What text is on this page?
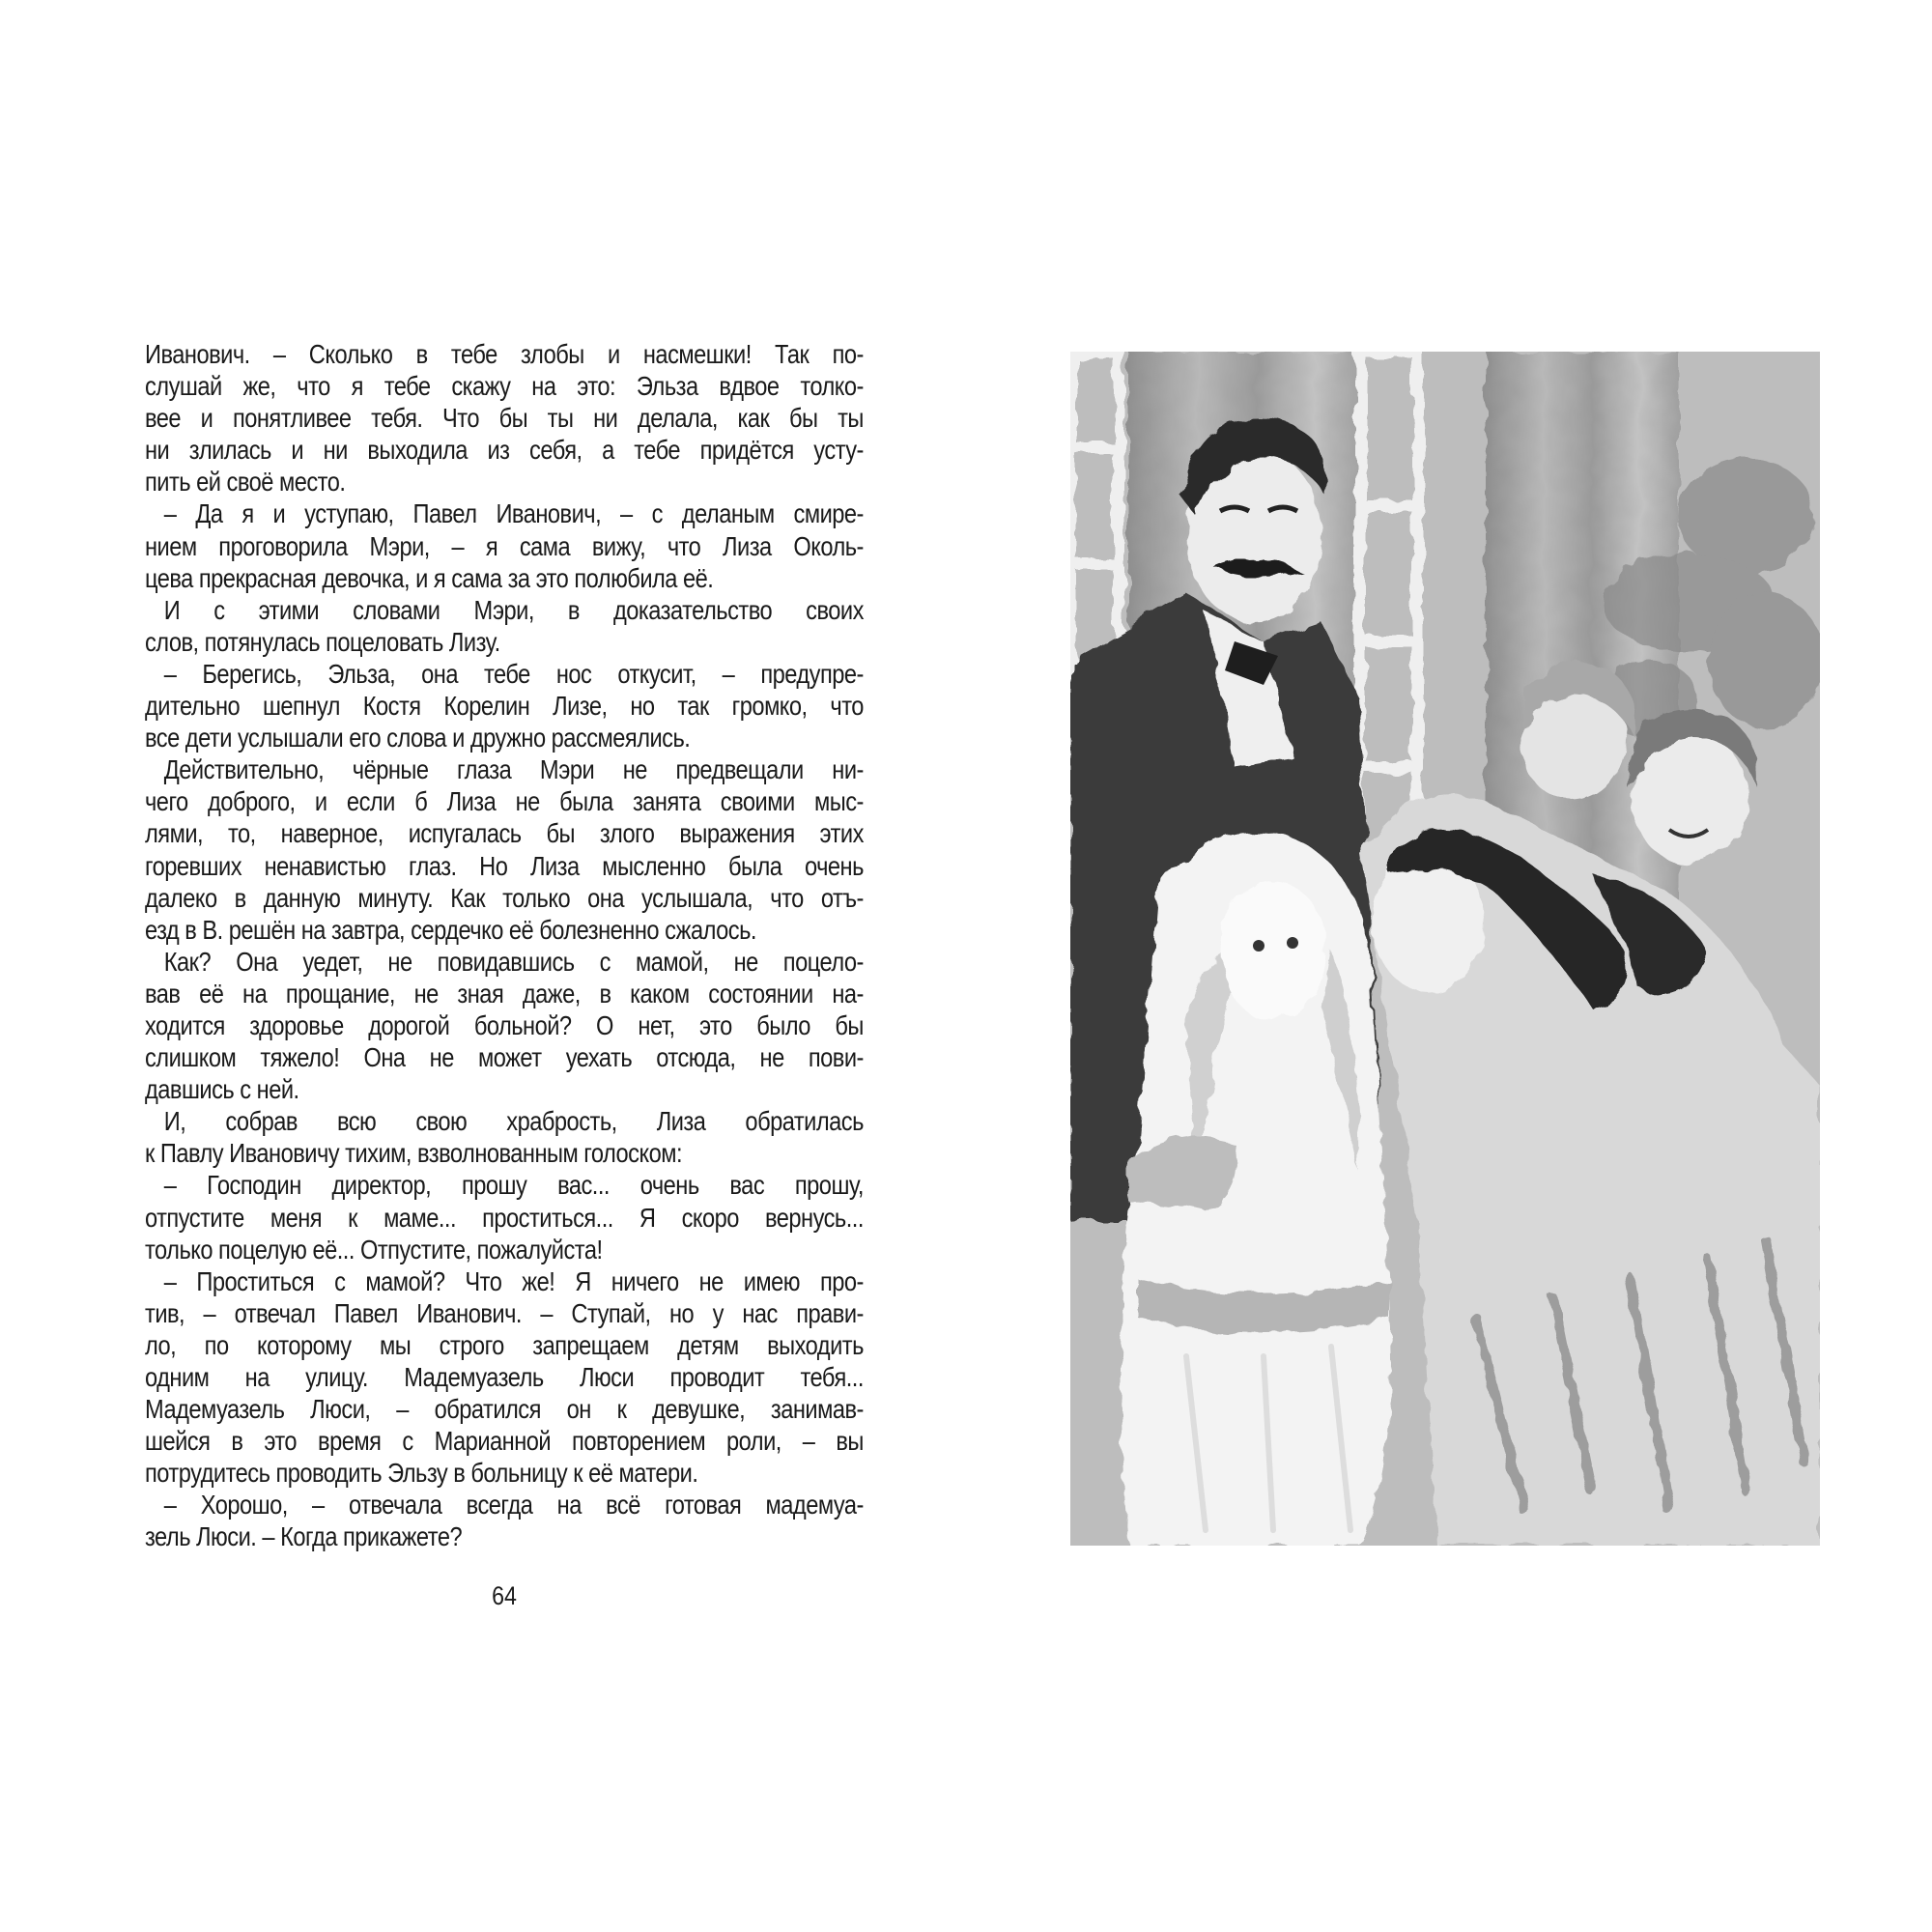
Иванович. – Сколько в тебе злобы и насмешки! Так по-
слушай же, что я тебе скажу на это: Эльза вдвое толко-
вее и понятливее тебя. Что бы ты ни делала, как бы ты
ни злилась и ни выходила из себя, а тебе придётся усту-
пить ей своё место.
– Да я и уступаю, Павел Иванович, – с деланым смире-
нием проговорила Мэри, – я сама вижу, что Лиза Околь-
цева прекрасная девочка, и я сама за это полюбила её.
И с этими словами Мэри, в доказательство своих
слов, потянулась поцеловать Лизу.
– Берегись, Эльза, она тебе нос откусит, – предупре-
дительно шепнул Костя Корелин Лизе, но так громко, что
все дети услышали его слова и дружно рассмеялись.
Действительно, чёрные глаза Мэри не предвещали ни-
чего доброго, и если б Лиза не была занята своими мыс-
лями, то, наверное, испугалась бы злого выражения этих
горевших ненавистью глаз. Но Лиза мысленно была очень
далеко в данную минуту. Как только она услышала, что отъ-
езд в В. решён на завтра, сердечко её болезненно сжалось.
Как? Она уедет, не повидавшись с мамой, не поцело-
вав её на прощание, не зная даже, в каком состоянии на-
ходится здоровье дорогой больной? О нет, это было бы
слишком тяжело! Она не может уехать отсюда, не пови-
давшись с ней.
И, собрав всю свою храбрость, Лиза обратилась
к Павлу Ивановичу тихим, взволнованным голоском:
– Господин директор, прошу вас... очень вас прошу,
отпустите меня к маме... проститься... Я скоро вернусь...
только поцелую её... Отпустите, пожалуйста!
– Проститься с мамой? Что же! Я ничего не имею про-
тив, – отвечал Павел Иванович. – Ступай, но у нас прави-
ло, по которому мы строго запрещаем детям выходить
одним на улицу. Мадемуазель Люси проводит тебя...
Мадемуазель Люси, – обратился он к девушке, занимав-
шейся в это время с Марианной повторением роли, – вы
потрудитесь проводить Эльзу в больницу к её матери.
– Хорошо, – отвечала всегда на всё готовая мадемуа-
зель Люси. – Когда прикажете?
64
